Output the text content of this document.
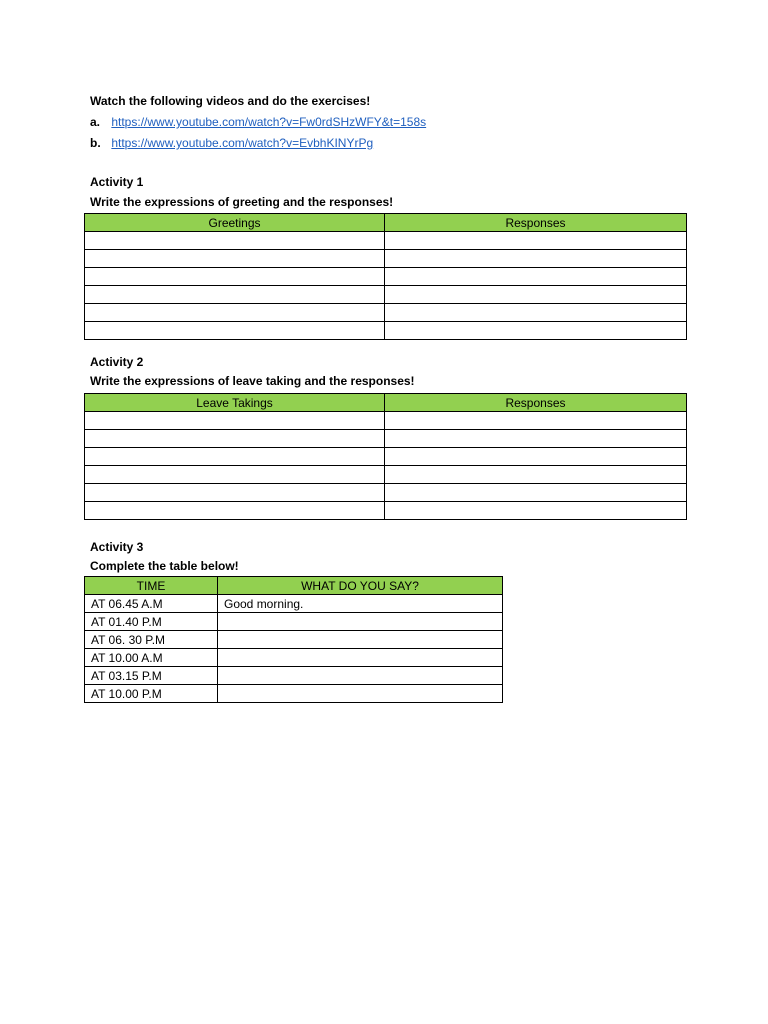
Watch the following videos and do the exercises!
a. https://www.youtube.com/watch?v=Fw0rdSHzWFY&t=158s
b. https://www.youtube.com/watch?v=EvbhKINYrPg
Activity 1
Write the expressions of greeting and the responses!
Greetings	Responses

Activity 2
Write the expressions of leave taking and the responses!
Leave Takings	Responses

Activity 3
Complete the table below!
TIME	WHAT DO YOU SAY?
AT 06.45 A.M	Good morning.
AT 01.40 P.M	
AT 06. 30 P.M	
AT 10.00 A.M	
AT 03.15 P.M	
AT 10.00 P.M	
